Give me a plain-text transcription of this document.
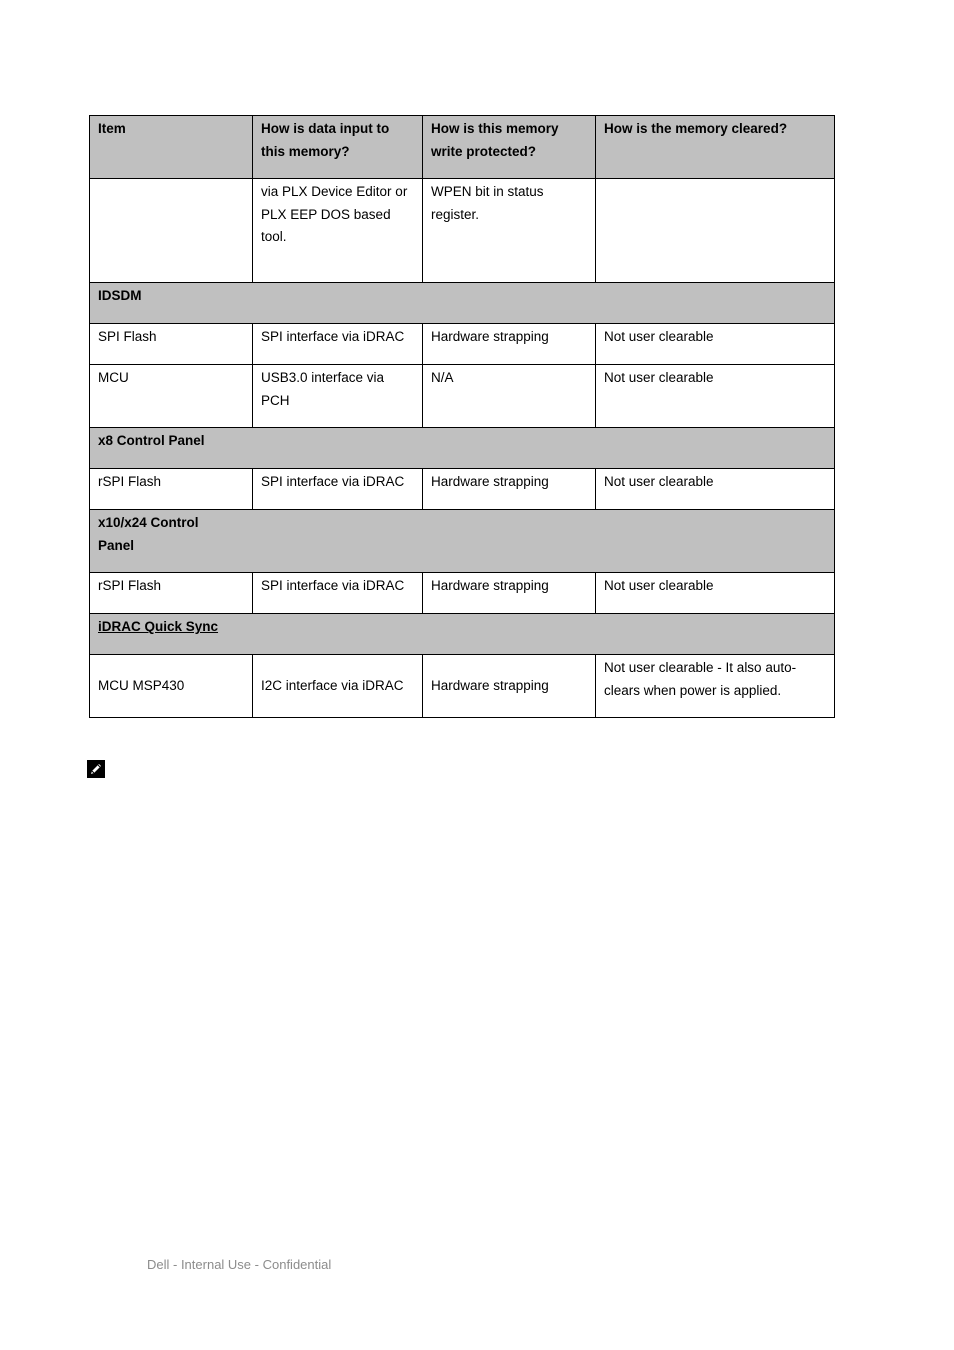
Item	How is data input to this memory?	How is this memory write protected?	How is the memory cleared?
	via PLX Device Editor or PLX EEP DOS based tool.	WPEN bit in status register.	
IDSDM			
SPI Flash	SPI interface via iDRAC	Hardware strapping	Not user clearable
MCU	USB3.0 interface via PCH	N/A	Not user clearable
x8 Control Panel			
rSPI Flash	SPI interface via iDRAC	Hardware strapping	Not user clearable

x10/x24 Control Panel			

rSPI Flash	SPI interface via iDRAC	Hardware strapping	Not user clearable
iDRAC Quick Sync			
MCU MSP430	I2C interface via iDRAC	Hardware strapping	Not user clearable - It also auto-clears when power is applied.
Dell - Internal Use - Confidential
